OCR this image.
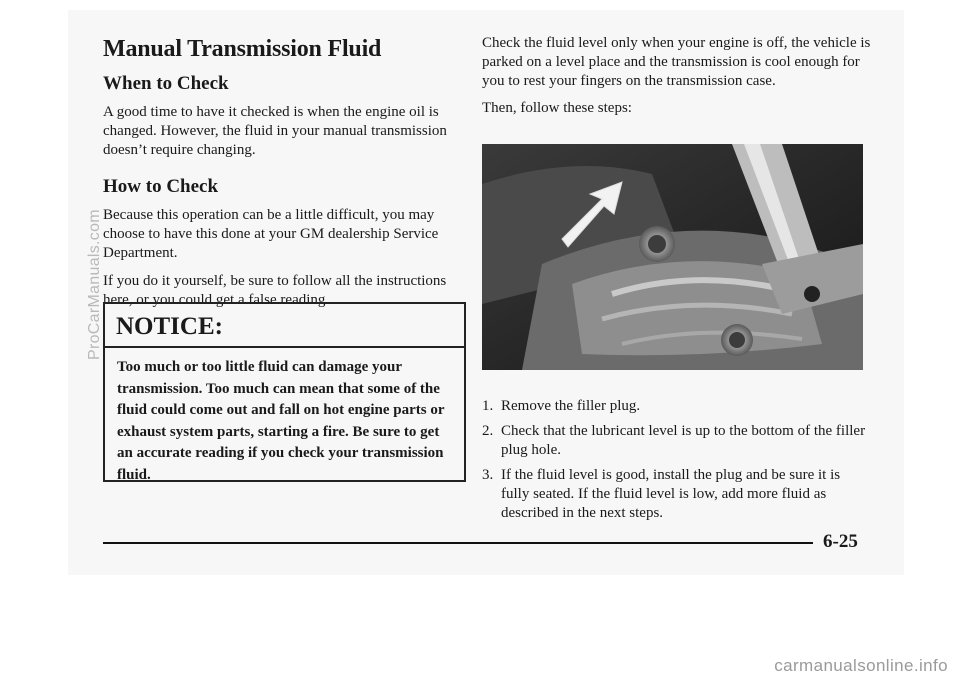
Manual Transmission Fluid
When to Check

A good time to have it checked is when the engine oil is changed. However, the fluid in your manual transmission doesn’t require changing.

How to Check

Because this operation can be a little difficult, you may choose to have this done at your GM dealership Service Department.

If you do it yourself, be sure to follow all the instructions here, or you could get a false reading.

NOTICE:
Too much or too little fluid can damage your transmission. Too much can mean that some of the fluid could come out and fall on hot engine parts or exhaust system parts, starting a fire. Be sure to get an accurate reading if you check your transmission fluid.

Check the fluid level only when your engine is off, the vehicle is parked on a level place and the transmission is cool enough for you to rest your fingers on the transmission case.

Then, follow these steps:

1. Remove the filler plug.
2. Check that the lubricant level is up to the bottom of the filler plug hole.
3. If the fluid level is good, install the plug and be sure it is fully seated. If the fluid level is low, add more fluid as described in the next steps.
6-25
ProCarManuals.com
carmanualsonline.info
